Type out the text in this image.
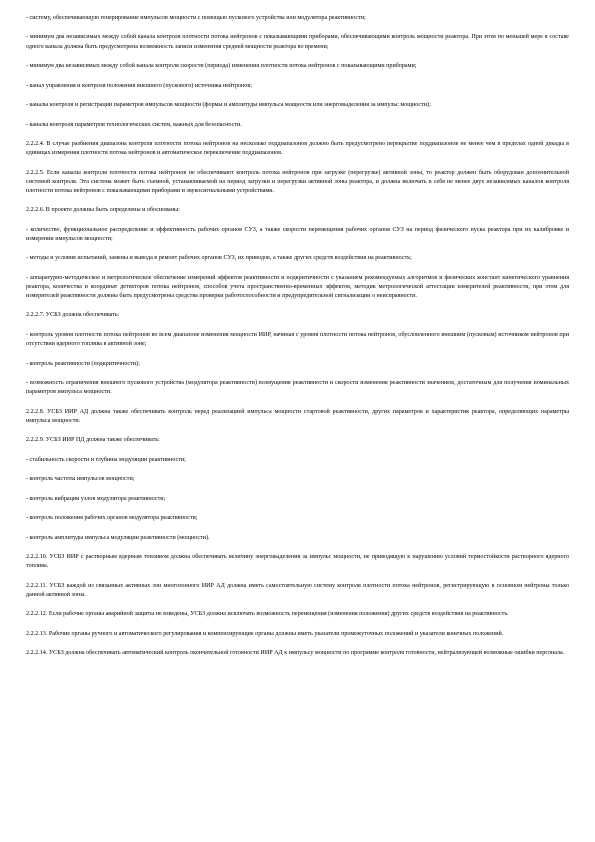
- систему, обеспечивающую генерирование импульсов мощности с помощью пускового устройства или модулятора реактивности;

- минимум два независимых между собой канала контроля плотности потока нейтронов с показывающими приборами, обеспечивающими контроль мощности реактора. При этом по меньшей мере в составе одного канала должна быть предусмотрена возможность записи изменения средней мощности реактора во времени;

- минимум два независимых между собой канала контроля скорости (периода) изменения плотности потока нейтронов с показывающими приборами;

- канал управления и контроля положения внешнего (пускового) источника нейтронов;

- каналы контроля и регистрации параметров импульсов мощности (формы и амплитуды импульса мощности или энерговыделения за импульс мощности);

- каналы контроля параметров технологических систем, важных для безопасности.

2.2.2.4. В случае разбиения диапазона контроля плотности потока нейтронов на несколько поддиапазонов должно быть предусмотрено перекрытие поддиапазонов не менее чем в пределах одной декады в единицах измерения плотности потока нейтронов и автоматическое переключение поддиапазонов.

2.2.2.5. Если каналы контроля плотности потока нейтронов не обеспечивают контроль потока нейтронов при загрузке (перегрузке) активной зоны, то реактор должен быть оборудован дополнительной системой контроля. Эта система может быть съемной, устанавливаемой на период загрузки и перегрузки активной зоны реактора, и должна включать в себя не менее двух независимых каналов контроля плотности потока нейтронов с показывающими приборами и звукосигнальными устройствами.

2.2.2.6. В проекте должны быть определены и обоснованы:

- количество, функциональное распределение и эффективность рабочих органов СУЗ, а также скорости перемещения рабочих органов СУЗ на период физического пуска реактора при их калибровке и измерении импульсов мощности;

- методы и условия испытаний, замены и вывода в ремонт рабочих органов СУЗ, их приводов, а также других средств воздействия на реактивность;

- аппаратурно-методическое и метрологическое обеспечение измерений эффектов реактивности и подкритичности с указанием рекомендуемых алгоритмов и физических констант кинетического уравнения реактора, количества и координат детекторов потока нейтронов, способов учета пространственно-временных эффектов, методик метрологической аттестации измерителей реактивности, при этом для измерителей реактивности должны быть предусмотрены средства проверки работоспособности и предупредительной сигнализации о неисправности.

2.2.2.7. УСБЗ должна обеспечивать:

- контроль уровня плотности потока нейтронов во всем диапазоне изменения мощности ИИР, начиная с уровня плотности потока нейтронов, обусловленного внешним (пусковым) источником нейтронов при отсутствии ядерного топлива в активной зоне;

- контроль реактивности (подкритичности);

- возможность ограничения внешнего пускового устройства (модулятора реактивности) возмущения реактивности и скорости изменения реактивности значением, достаточным для получения номинальных параметров импульса мощности.

2.2.2.8. УСБЗ ИИР АД должна также обеспечивать контроль перед реализацией импульса мощности стартовой реактивности, других параметров и характеристик реактора, определяющих параметры импульса мощности.

2.2.2.9. УСБЗ ИИР ПД должна также обеспечивать:

- стабильность скорости и глубины модуляции реактивности;

- контроль частоты импульсов мощности;

- контроль вибрации узлов модулятора реактивности;

- контроль положения рабочих органов модулятора реактивности;

- контроль амплитуды импульса модуляции реактивности (мощности).

2.2.2.10. УСБЗ ИИР с растворным ядерным топливом должна обеспечивать величину энерговыделения за импульс мощности, не приводящую к нарушению условий термостойкости растворного ядерного топлива.

2.2.2.11. УСБЗ каждой из связанных активных зон многозонного ИИР АД должна иметь самостоятельную систему контроля плотности потока нейтронов, регистрирующую в основном нейтроны только данной активной зоны.

2.2.2.12. Если рабочие органы аварийной защиты не взведены, УСБЗ должна исключать возможность перемещения (изменения положения) других средств воздействия на реактивность.

2.2.2.13. Рабочие органы ручного и автоматического регулирования и компенсирующие органы должны иметь указатели промежуточных положений и указатели конечных положений.

2.2.2.14. УСБЗ должна обеспечивать автоматический контроль окончательной готовности ИИР АД к импульсу мощности по программе контроля готовности, нейтрализующей возможные ошибки персонала.
